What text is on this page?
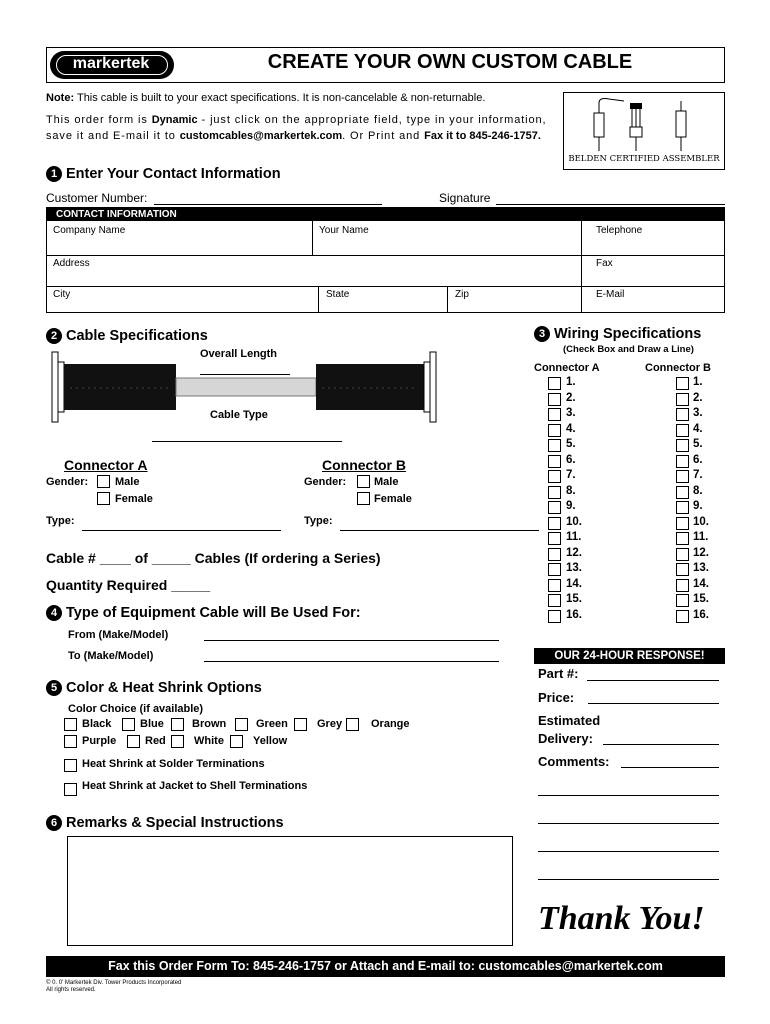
markertek	CREATE YOUR OWN CUSTOM CABLE
Note: This cable is built to your exact specifications. It is non-cancelable & non-returnable.
This order form is Dynamic - just click on the appropriate field, type in your information,
save it and E-mail it to customcables@markertek.com. Or Print and Fax it to 845-246-1757.
BELDEN CERTIFIED ASSEMBLER
1 Enter Your Contact Information
Customer Number:	Signature
CONTACT INFORMATION
Company Name	Your Name	Telephone
Address	Fax
City	State	Zip	E-Mail
2 Cable Specifications
Overall Length
Cable Type
Connector A
Gender: Male
Female
Type:
Connector B
Gender:	Male
Female
Type:
Cable # ____ of _____ Cables (If ordering a Series)
Quantity Required _____
3 Wiring Specifications
(Check Box and Draw a Line)
Connector A	Connector B
1.	1.
2.	2.
3.	3.
4.	4.
5.	5.
6.	6.
7.	7.
8.	8.
9.	9.
10.	10.
11.	11.
12.	12.
13.	13.
14.	14.
15.	15.
16.	16.
4 Type of Equipment Cable will Be Used For:
From (Make/Model)
To (Make/Model)
5 Color & Heat Shrink Options
Color Choice (if available)
Black	Blue	Brown	Green	Grey	Orange
Purple	Red	White	Yellow
Heat Shrink at Solder Terminations
Heat Shrink at Jacket to Shell Terminations
6 Remarks & Special Instructions
OUR 24-HOUR RESPONSE!
Part #:
Price:
Estimated
Delivery:
Comments:
Thank You!
Fax this Order Form To: 845-246-1757 or Attach and E-mail to: customcables@markertek.com
© 0. 0' Markertek Div. Tower Products Incorporated
All rights reserved.
